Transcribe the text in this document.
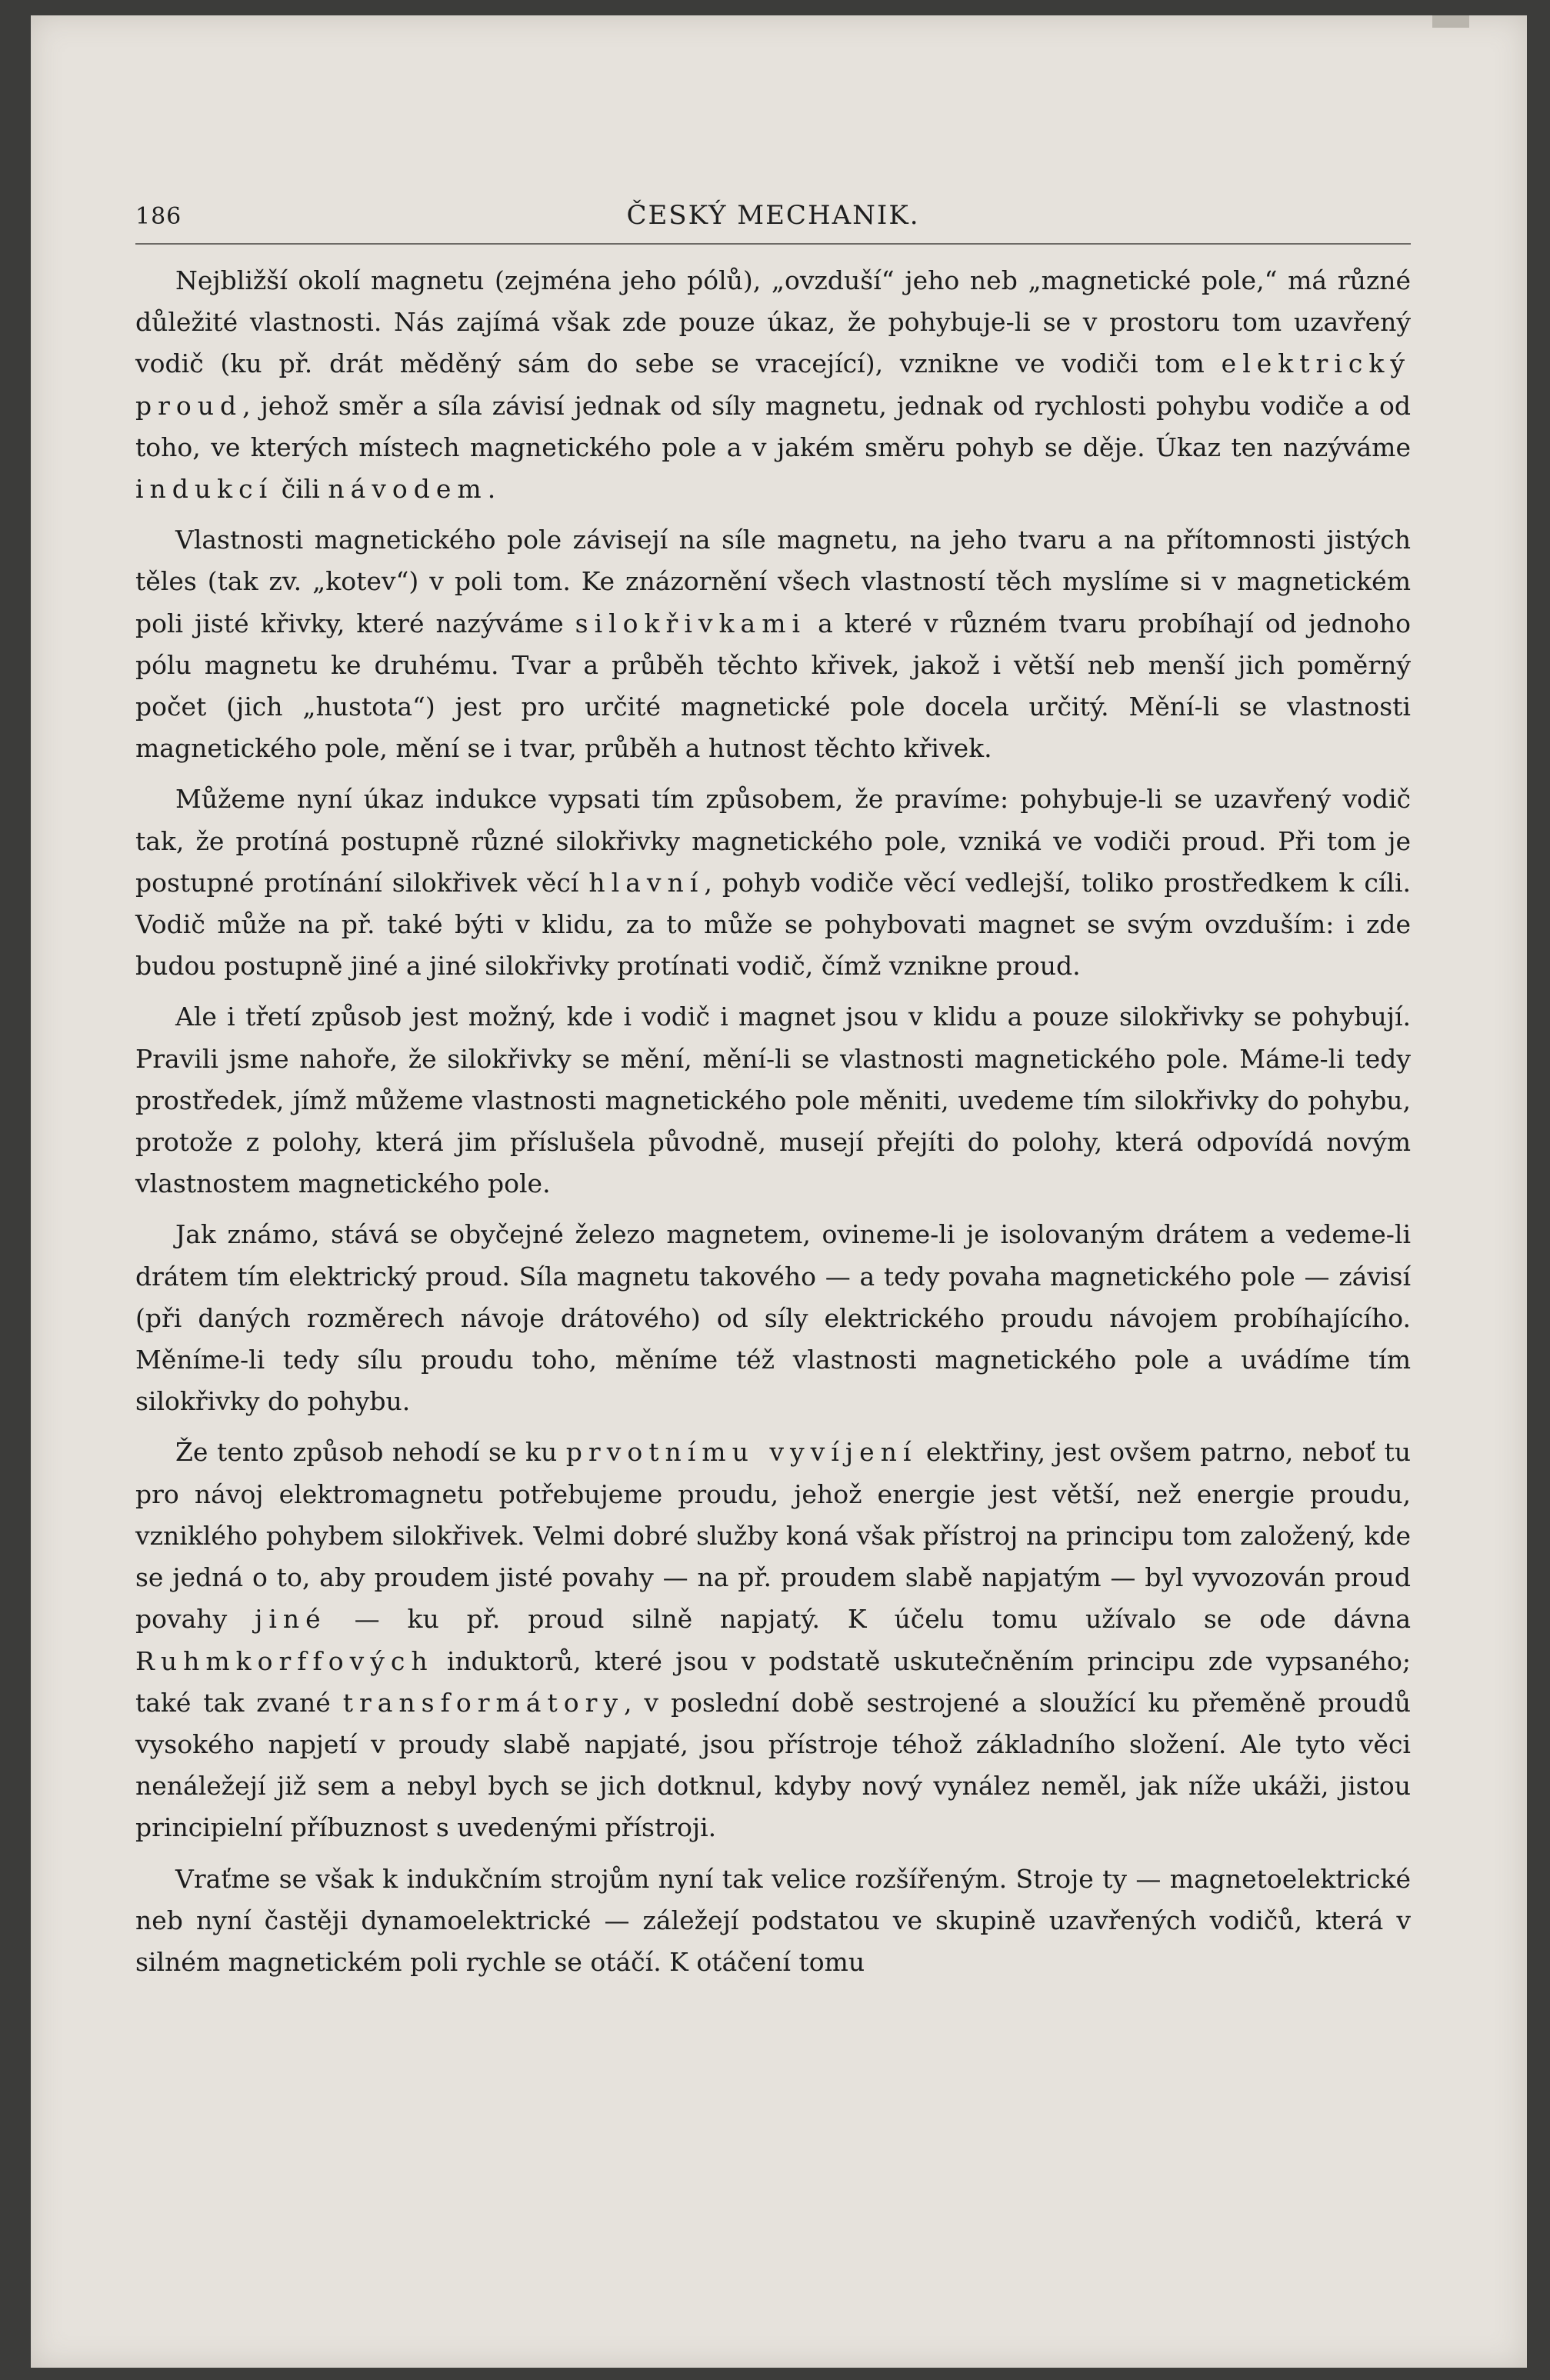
186	ČESKÝ MECHANIK.

Nejbližší okolí magnetu (zejména jeho pólů), „ovzduší“ jeho neb „magnetické pole,“ má různé důležité vlastnosti. Nás zajímá však zde pouze úkaz, že pohybuje-li se v prostoru tom uzavřený vodič (ku př. drát měděný sám do sebe se vracející), vznikne ve vodiči tom elektrický proud, jehož směr a síla závisí jednak od síly magnetu, jednak od rychlosti pohybu vodiče a od toho, ve kterých místech magnetického pole a v jakém směru pohyb se děje. Úkaz ten nazýváme indukcí čili návodem.

Vlastnosti magnetického pole závisejí na síle magnetu, na jeho tvaru a na přítomnosti jistých těles (tak zv. „kotev“) v poli tom. Ke znázornění všech vlastností těch myslíme si v magnetickém poli jisté křivky, které nazýváme silokřivkami a které v různém tvaru probíhají od jednoho pólu magnetu ke druhému. Tvar a průběh těchto křivek, jakož i větší neb menší jich poměrný počet (jich „hustota“) jest pro určité magnetické pole docela určitý. Mění-li se vlastnosti magnetického pole, mění se i tvar, průběh a hutnost těchto křivek.

Můžeme nyní úkaz indukce vypsati tím způsobem, že pravíme: pohybuje-li se uzavřený vodič tak, že protíná postupně různé silokřivky magnetického pole, vzniká ve vodiči proud. Při tom je postupné protínání silokřivek věcí hlavní, pohyb vodiče věcí vedlejší, toliko prostředkem k cíli. Vodič může na př. také býti v klidu, za to může se pohybovati magnet se svým ovzduším: i zde budou postupně jiné a jiné silokřivky protínati vodič, čímž vznikne proud.

Ale i třetí způsob jest možný, kde i vodič i magnet jsou v klidu a pouze silokřivky se pohybují. Pravili jsme nahoře, že silokřivky se mění, mění-li se vlastnosti magnetického pole. Máme-li tedy prostředek, jímž můžeme vlastnosti magnetického pole měniti, uvedeme tím silokřivky do pohybu, protože z polohy, která jim příslušela původně, musejí přejíti do polohy, která odpovídá novým vlastnostem magnetického pole.

Jak známo, stává se obyčejné železo magnetem, ovineme-li je isolovaným drátem a vedeme-li drátem tím elektrický proud. Síla magnetu takového — a tedy povaha magnetického pole — závisí (při daných rozměrech návoje drátového) od síly elektrického proudu návojem probíhajícího. Měníme-li tedy sílu proudu toho, měníme též vlastnosti magnetického pole a uvádíme tím silokřivky do pohybu.

Že tento způsob nehodí se ku prvotnímu vyvíjení elektřiny, jest ovšem patrno, neboť tu pro návoj elektromagnetu potřebujeme proudu, jehož energie jest větší, než energie proudu, vzniklého pohybem silokřivek. Velmi dobré služby koná však přístroj na principu tom založený, kde se jedná o to, aby proudem jisté povahy — na př. proudem slabě napjatým — byl vyvozován proud povahy jiné — ku př. proud silně napjatý. K účelu tomu užívalo se ode dávna Ruhmkorffových induktorů, které jsou v podstatě uskutečněním principu zde vypsaného; také tak zvané transformátory, v poslední době sestrojené a sloužící ku přeměně proudů vysokého napjetí v proudy slabě napjaté, jsou přístroje téhož základního složení. Ale tyto věci nenáležejí již sem a nebyl bych se jich dotknul, kdyby nový vynález neměl, jak níže ukáži, jistou principielní příbuznost s uvedenými přístroji.

Vraťme se však k indukčním strojům nyní tak velice rozšířeným. Stroje ty — magnetoelektrické neb nyní častěji dynamoelektrické — záležejí podstatou ve skupině uzavřených vodičů, která v silném magnetickém poli rychle se otáčí. K otáčení tomu
